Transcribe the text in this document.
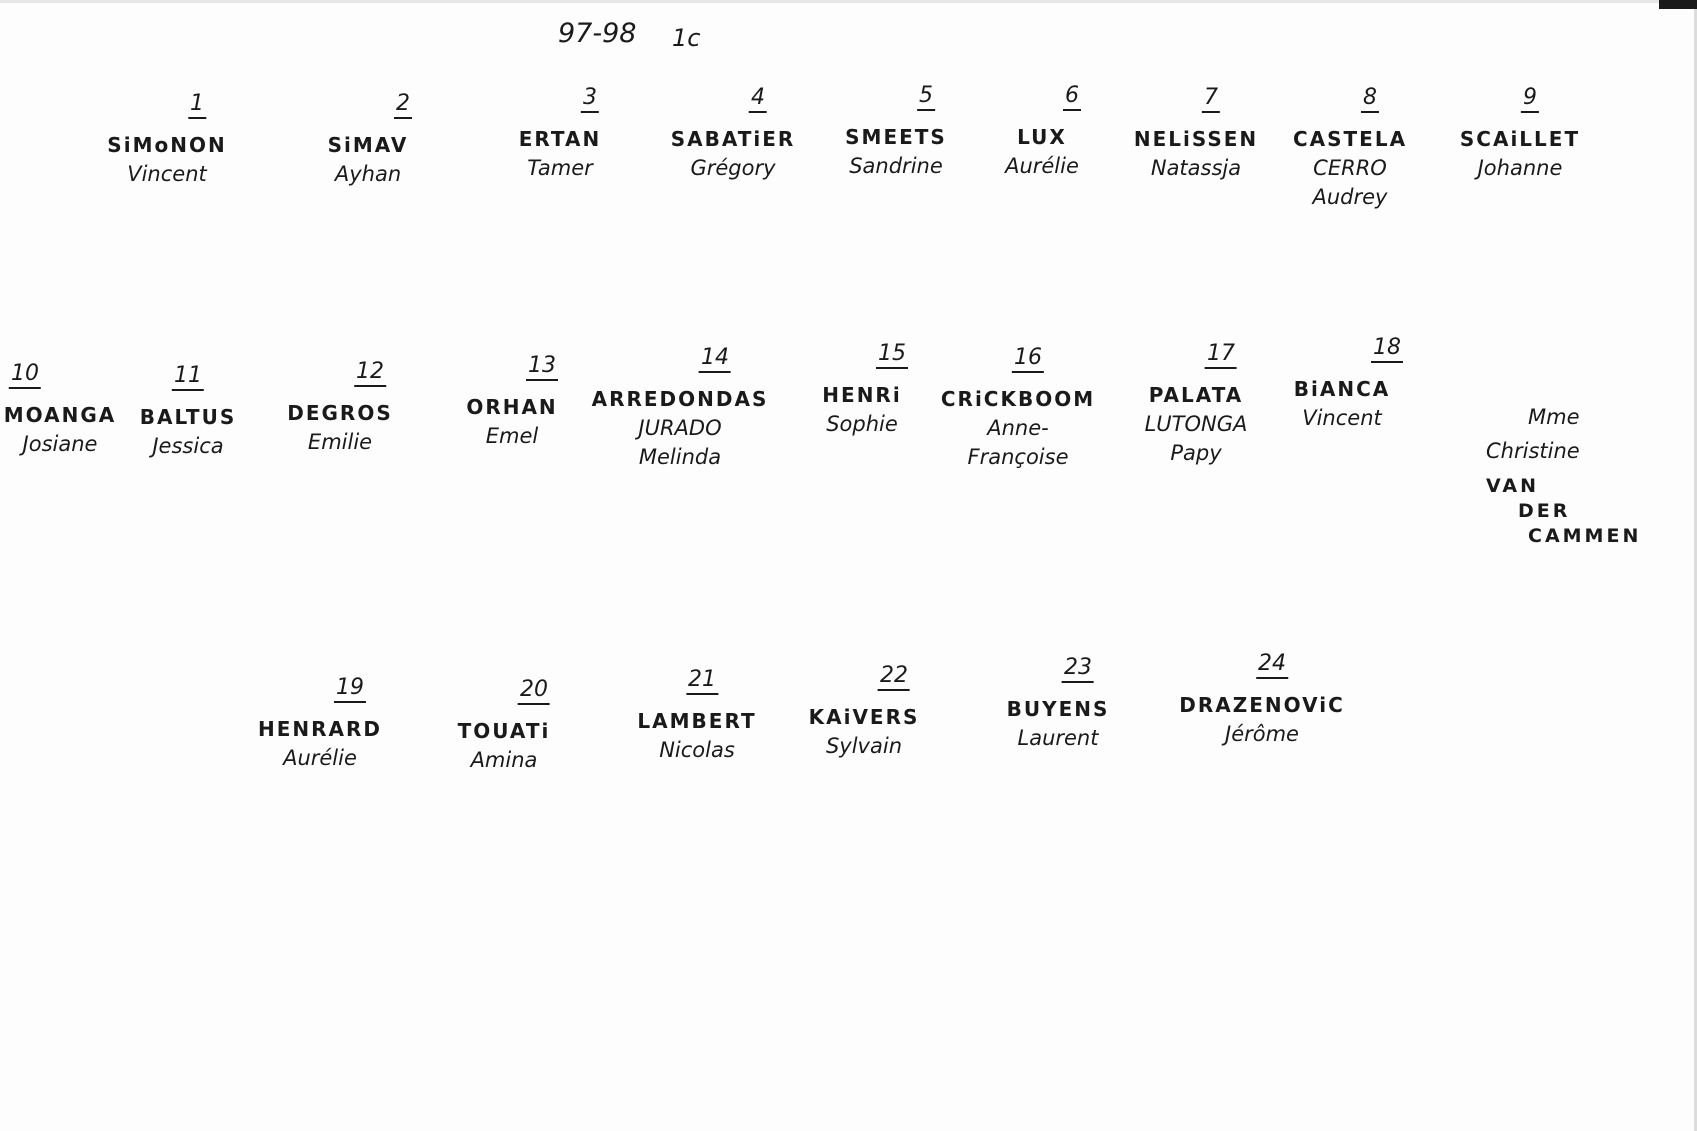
97-98 1c
1
SiMoNON
Vincent
2
SiMAV
Ayhan
3
ERTAN
Tamer
4
SABATiER
Grégory
5
SMEETS
Sandrine
6
LUX
Aurélie
7
NELiSSEN
Natassja
8
CASTELA
CERRO
Audrey
9
SCAiLLET
Johanne
10
MOANGA
Josiane
11
BALTUS
Jessica
12
DEGROS
Emilie
13
ORHAN
Emel
14
ARREDONDAS
JURADO
Melinda
15
HENRi
Sophie
16
CRiCKBOOM
Anne-
Françoise
17
PALATA
LUTONGA
Papy
18
BiANCA
Vincent	Mme
Christine
VAN
DER
CAMMEN
19
HENRARD
Aurélie
20
TOUATi
Amina
21
LAMBERT
Nicolas
22
KAiVERS
Sylvain
23
BUYENS
Laurent
24
DRAZENOViC
Jérôme
